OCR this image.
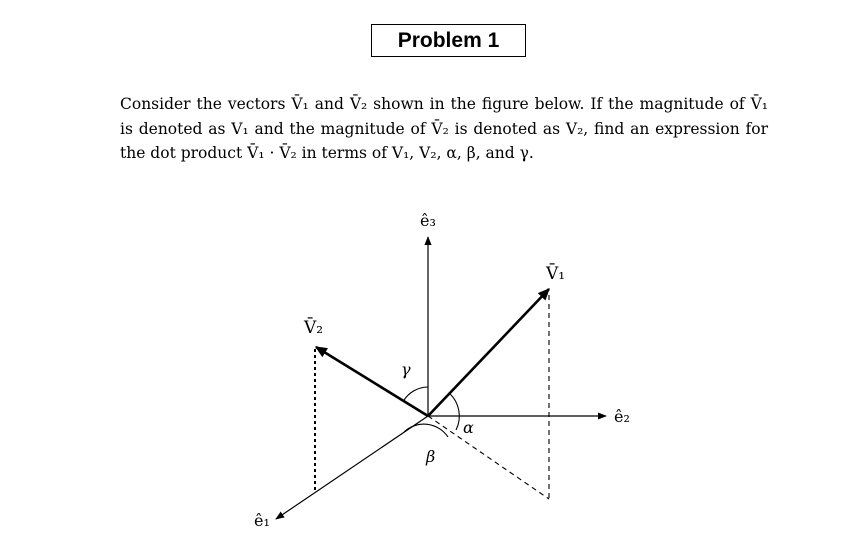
Problem 1
Consider the vectors V̄₁ and V̄₂ shown in the figure below. If the magnitude of V̄₁ is denoted as V₁ and the magnitude of V̄₂ is denoted as V₂, find an expression for the dot product V̄₁ · V̄₂ in terms of V₁, V₂, α, β, and γ.
ê₃
ê₂
ê₁
V̄₁
V̄₂
γ
α
β
